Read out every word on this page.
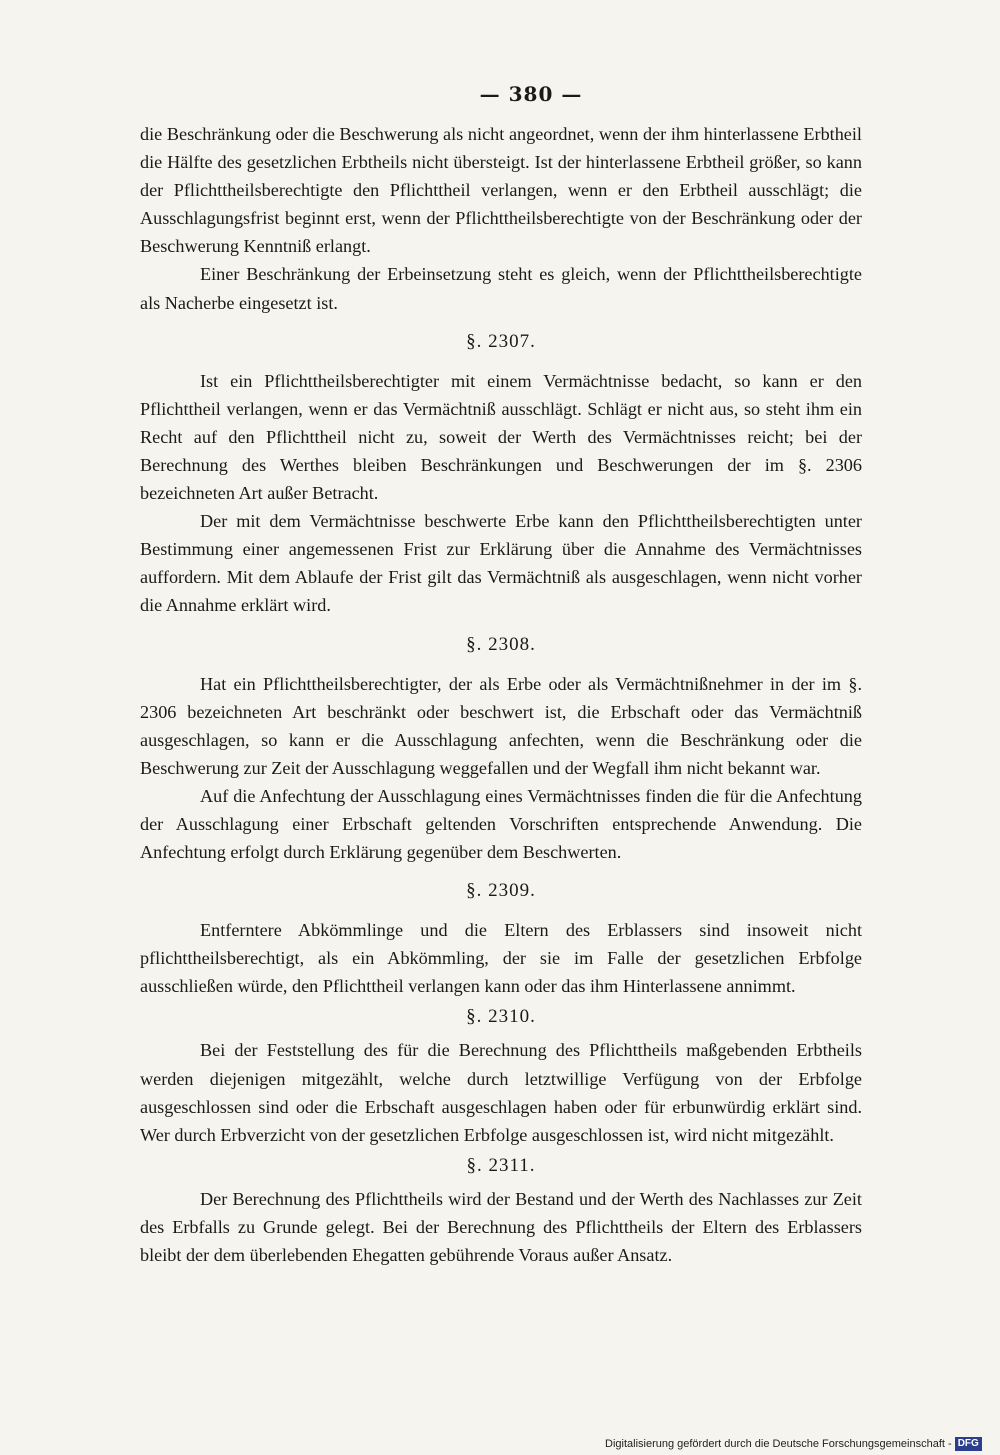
— 380 —

die Beschränkung oder die Beschwerung als nicht angeordnet, wenn der ihm hinterlassene Erbtheil die Hälfte des gesetzlichen Erbtheils nicht übersteigt. Ist der hinterlassene Erbtheil größer, so kann der Pflichttheilsberechtigte den Pflichttheil verlangen, wenn er den Erbtheil ausschlägt; die Ausschlagungsfrist beginnt erst, wenn der Pflichttheilsberechtigte von der Beschränkung oder der Beschwerung Kenntniß erlangt.

Einer Beschränkung der Erbeinsetzung steht es gleich, wenn der Pflichttheilsberechtigte als Nacherbe eingesetzt ist.

§. 2307.

Ist ein Pflichttheilsberechtigter mit einem Vermächtnisse bedacht, so kann er den Pflichttheil verlangen, wenn er das Vermächtniß ausschlägt. Schlägt er nicht aus, so steht ihm ein Recht auf den Pflichttheil nicht zu, soweit der Werth des Vermächtnisses reicht; bei der Berechnung des Werthes bleiben Beschränkungen und Beschwerungen der im §. 2306 bezeichneten Art außer Betracht.

Der mit dem Vermächtnisse beschwerte Erbe kann den Pflichttheilsberechtigten unter Bestimmung einer angemessenen Frist zur Erklärung über die Annahme des Vermächtnisses auffordern. Mit dem Ablaufe der Frist gilt das Vermächtniß als ausgeschlagen, wenn nicht vorher die Annahme erklärt wird.

§. 2308.

Hat ein Pflichttheilsberechtigter, der als Erbe oder als Vermächtnißnehmer in der im §. 2306 bezeichneten Art beschränkt oder beschwert ist, die Erbschaft oder das Vermächtniß ausgeschlagen, so kann er die Ausschlagung anfechten, wenn die Beschränkung oder die Beschwerung zur Zeit der Ausschlagung weggefallen und der Wegfall ihm nicht bekannt war.

Auf die Anfechtung der Ausschlagung eines Vermächtnisses finden die für die Anfechtung der Ausschlagung einer Erbschaft geltenden Vorschriften entsprechende Anwendung. Die Anfechtung erfolgt durch Erklärung gegenüber dem Beschwerten.

§. 2309.

Entferntere Abkömmlinge und die Eltern des Erblassers sind insoweit nicht pflichttheilsberechtigt, als ein Abkömmling, der sie im Falle der gesetzlichen Erbfolge ausschließen würde, den Pflichttheil verlangen kann oder das ihm Hinterlassene annimmt.

§. 2310.

Bei der Feststellung des für die Berechnung des Pflichttheils maßgebenden Erbtheils werden diejenigen mitgezählt, welche durch letztwillige Verfügung von der Erbfolge ausgeschlossen sind oder die Erbschaft ausgeschlagen haben oder für erbunwürdig erklärt sind. Wer durch Erbverzicht von der gesetzlichen Erbfolge ausgeschlossen ist, wird nicht mitgezählt.

§. 2311.

Der Berechnung des Pflichttheils wird der Bestand und der Werth des Nachlasses zur Zeit des Erbfalls zu Grunde gelegt. Bei der Berechnung des Pflichttheils der Eltern des Erblassers bleibt der dem überlebenden Ehegatten gebührende Voraus außer Ansatz.

Digitalisierung gefördert durch die Deutsche Forschungsgemeinschaft - DFG
